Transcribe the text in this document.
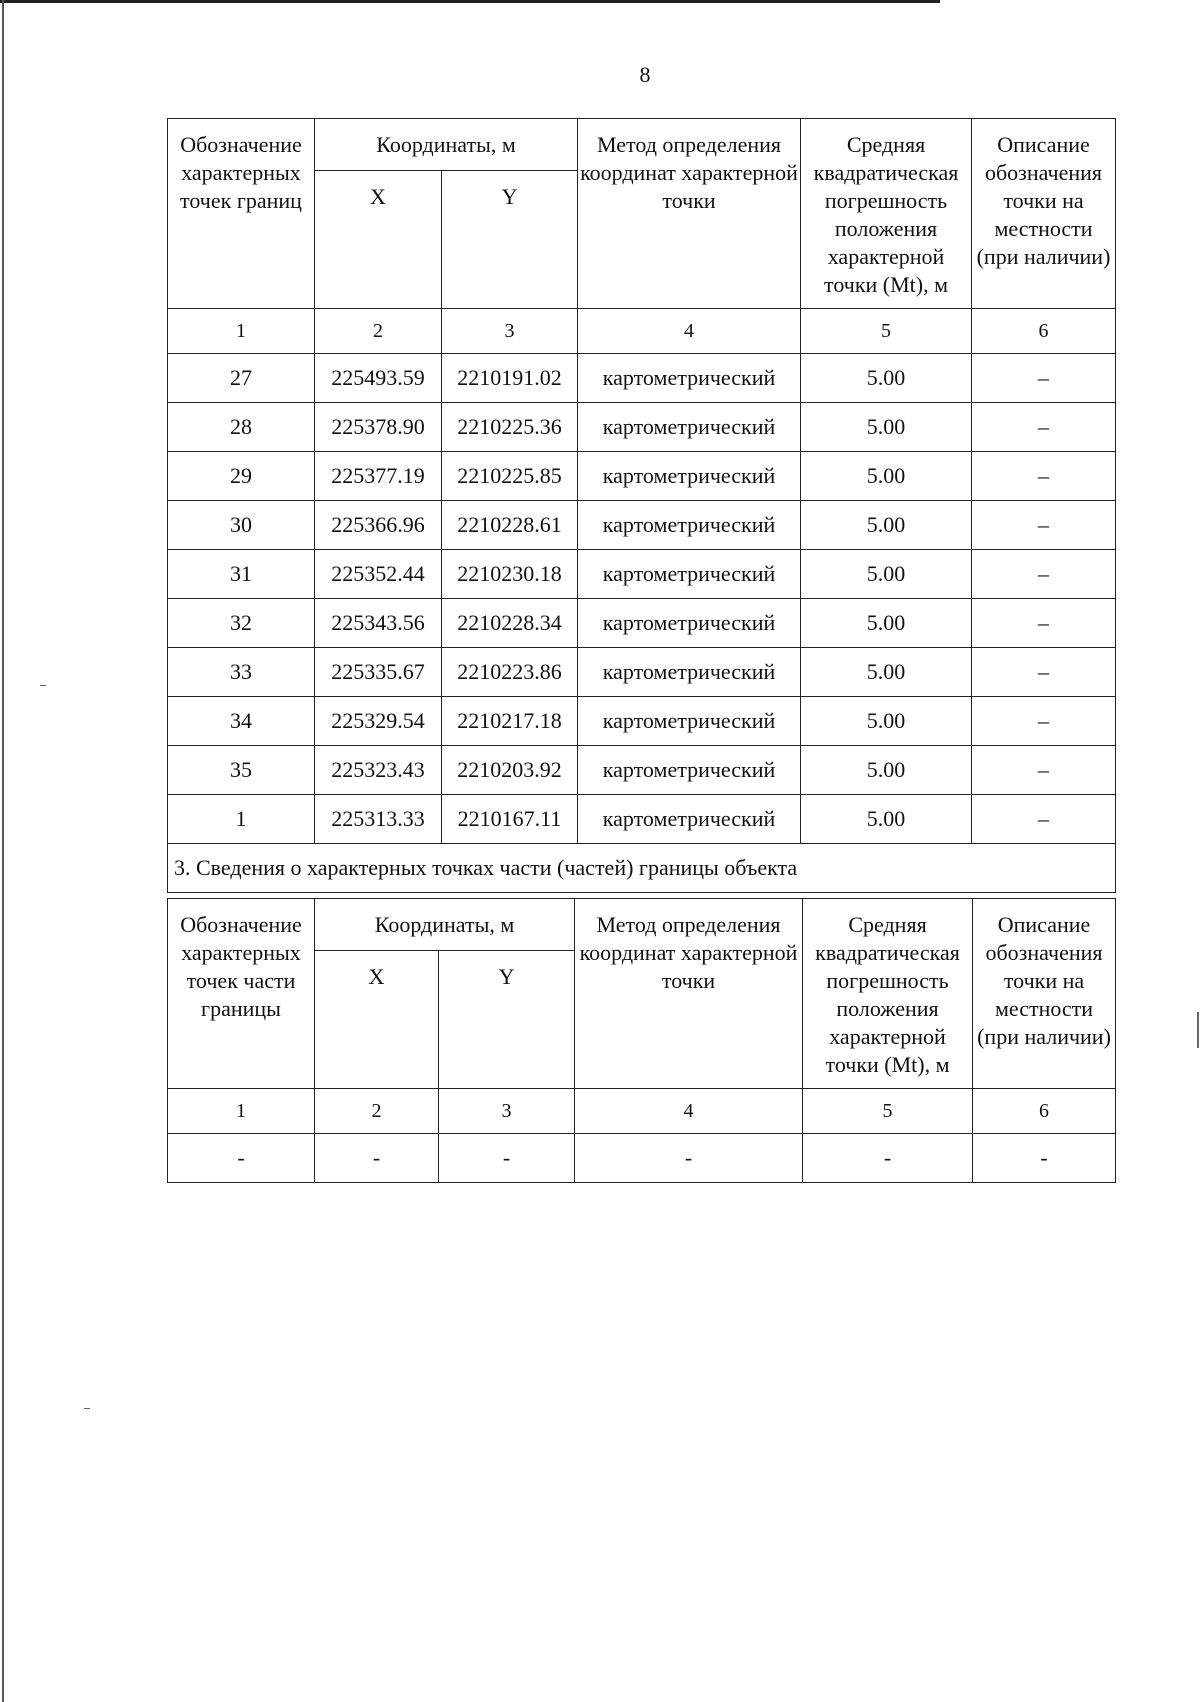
8
Обозначение характерных точек границ	Координаты, м		Метод определения координат характерной точки	Средняя квадратическая погрешность положения характерной точки (Mt), м	Описание обозначения точки на местности (при наличии)
	X	Y			
1	2	3	4	5	6
27	225493.59	2210191.02	картометрический	5.00	–
28	225378.90	2210225.36	картометрический	5.00	–
29	225377.19	2210225.85	картометрический	5.00	–
30	225366.96	2210228.61	картометрический	5.00	–
31	225352.44	2210230.18	картометрический	5.00	–
32	225343.56	2210228.34	картометрический	5.00	–
33	225335.67	2210223.86	картометрический	5.00	–
34	225329.54	2210217.18	картометрический	5.00	–
35	225323.43	2210203.92	картометрический	5.00	–
1	225313.33	2210167.11	картометрический	5.00	–
3. Сведения о характерных точках части (частей) границы объекта					
Обозначение характерных точек части границы	Координаты, м		Метод определения координат характерной точки	Средняя квадратическая погрешность положения характерной точки (Mt), м	Описание обозначения точки на местности (при наличии)
	X	Y			
1	2	3	4	5	6
-	-	-	-	-	-
